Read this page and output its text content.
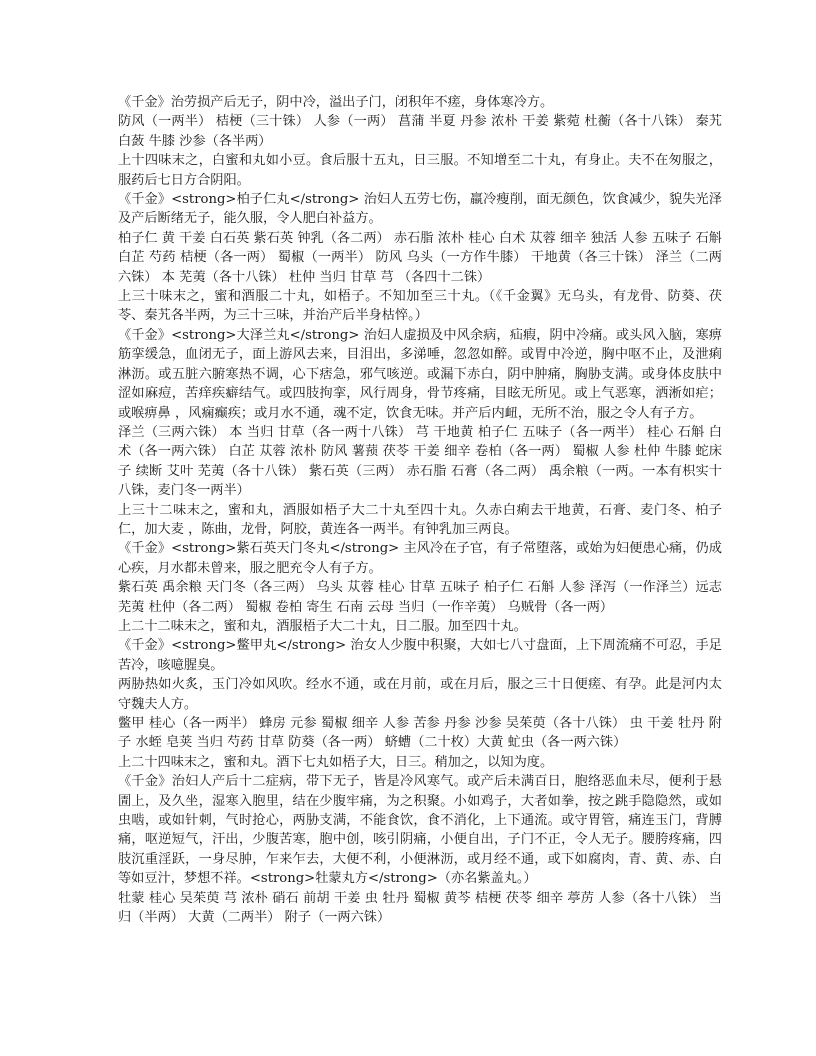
《千金》治劳损产后无子，阴中冷，溢出子门，闭积年不瘥，身体寒冷方。

防风（一两半） 桔梗（三十铢） 人参（一两） 菖蒲 半夏 丹参 浓朴 干姜 紫菀 杜蘅（各十八铢） 秦艽 白蔹 牛膝 沙参（各半两）

上十四味末之，白蜜和丸如小豆。食后服十五丸，日三服。不知增至二十丸，有身止。夫不在匆服之，服药后七日方合阴阳。

《千金》<strong>柏子仁丸</strong> 治妇人五劳七伤，羸冷瘦削，面无颜色，饮食减少，貌失光泽及产后断绪无子，能久服，令人肥白补益方。

柏子仁 黄 干姜 白石英 紫石英 钟乳（各二两） 赤石脂 浓朴 桂心 白术 苁蓉 细辛 独活 人参 五味子 石斛 白芷 芍药 桔梗（各一两） 蜀椒（一两半） 防风 乌头（一方作牛膝） 干地黄（各三十铢） 泽兰（二两六铢） 本 芜荑（各十八铢） 杜仲 当归 甘草 芎 （各四十二铢）

上三十味末之，蜜和酒服二十丸，如梧子。不知加至三十丸。（《千金翼》无乌头，有龙骨、防葵、茯苓、秦艽各半两，为三十三味，并治产后半身枯悴。）

《千金》<strong>大泽兰丸</strong> 治妇人虚损及中风余病，疝瘕，阴中冷痛。或头风入脑，寒痹筋挛缓急，血闭无子，面上游风去来，目泪出，多涕唾，忽忽如醉。或胃中冷逆，胸中呕不止，及泄痢淋沥。或五脏六腑寒热不调，心下痞急，邪气咳逆。或漏下赤白，阴中肿痛，胸胁支满。或身体皮肤中涩如麻痘，苦痒疾癖结气。或四肢拘挛，风行周身，骨节疼痛，目眩无所见。或上气恶寒，洒淅如疟；或喉痹鼻 ，风痫癫疾；或月水不通，魂不定，饮食无味。并产后内衄，无所不治，服之令人有子方。

泽兰（三两六铢） 本 当归 甘草（各一两十八铢） 芎 干地黄 柏子仁 五味子（各一两半） 桂心 石斛 白术（各一两六铢） 白芷 苁蓉 浓朴 防风 薯蓣 茯苓 干姜 细辛 卷柏（各一两） 蜀椒 人参 杜仲 牛膝 蛇床子 续断 艾叶 芜荑（各十八铢） 紫石英（三两） 赤石脂 石膏（各二两） 禹余粮（一两。一本有枳实十八铢，麦门冬一两半）

上三十二味末之，蜜和丸，酒服如梧子大二十丸至四十丸。久赤白痢去干地黄，石膏、麦门冬、柏子仁，加大麦 ，陈曲，龙骨，阿胶，黄连各一两半。有钟乳加三两良。

《千金》<strong>紫石英天门冬丸</strong> 主风冷在子官，有子常堕落，或始为妇便患心痛，仍成心疾，月水都未曾来，服之肥充令人有子方。

紫石英 禹余粮 天门冬（各三两） 乌头 苁蓉 桂心 甘草 五味子 柏子仁 石斛 人参 泽泻（一作泽兰）远志 芜荑 杜仲（各二两） 蜀椒 卷柏 寄生 石南 云母 当归（一作辛荑） 乌贼骨（各一两）

上二十二味末之，蜜和丸，酒服梧子大二十丸，日二服。加至四十丸。

《千金》<strong>鳖甲丸</strong> 治女人少腹中积聚，大如七八寸盘面，上下周流痛不可忍，手足苦冷，咳噫腥臭。

两胁热如火炙，玉门冷如风吹。经水不通，或在月前，或在月后，服之三十日便瘥、有孕。此是河内太守魏夫人方。

鳖甲 桂心（各一两半） 蜂房 元参 蜀椒 细辛 人参 苦参 丹参 沙参 吴茱萸（各十八铢） 虫 干姜 牡丹 附子 水蛭 皂荚 当归 芍药 甘草 防葵（各一两） 蛴螬（二十枚）大黄 虻虫（各一两六铢）

上二十四味末之，蜜和丸。酒下七丸如梧子大，日三。稍加之，以知为度。

《千金》治妇人产后十二症病，带下无子，皆是冷风寒气。或产后未满百日，胞络恶血未尽，便利于悬圊上，及久坐，湿寒入胞里，结在少腹牢痛，为之积聚。小如鸡子，大者如拳，按之跳手隐隐然，或如虫啮，或如针刺，气时抢心，两胁支满，不能食饮，食不消化，上下通流。或守胃管，痛连玉门，背膊痛，呕逆短气，汗出，少腹苦寒，胞中创，咳引阴痛，小便自出，子门不正，令人无子。腰胯疼痛，四肢沉重淫跃，一身尽肿，乍来乍去，大便不利，小便淋沥，或月经不通，或下如腐肉，青、黄、赤、白等如豆汁，梦想不祥。<strong>牡蒙丸方</strong>（亦名紫盖丸。）

牡蒙 桂心 吴茱萸 芎 浓朴 硝石 前胡 干姜 虫 牡丹 蜀椒 黄芩 桔梗 茯苓 细辛 葶苈 人参（各十八铢） 当归（半两） 大黄（二两半） 附子（一两六铢）
